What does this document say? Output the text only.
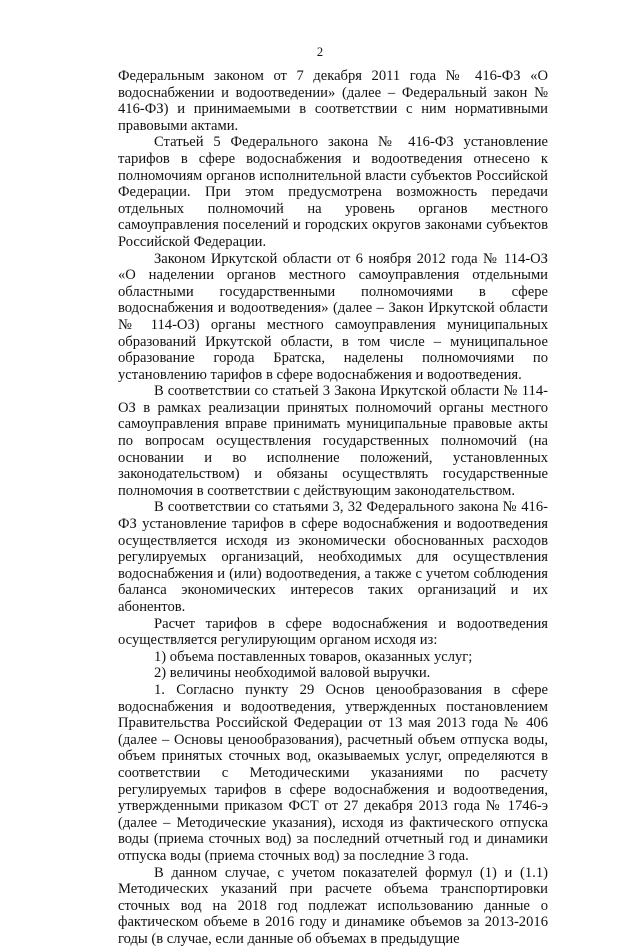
2

Федеральным законом от 7 декабря 2011 года № 416-ФЗ «О водоснабжении и водоотведении» (далее – Федеральный закон № 416-ФЗ) и принимаемыми в соответствии с ним нормативными правовыми актами.

Статьей 5 Федерального закона № 416-ФЗ установление тарифов в сфере водоснабжения и водоотведения отнесено к полномочиям органов исполнительной власти субъектов Российской Федерации. При этом предусмотрена возможность передачи отдельных полномочий на уровень органов местного самоуправления поселений и городских округов законами субъектов Российской Федерации.

Законом Иркутской области от 6 ноября 2012 года № 114-ОЗ «О наделении органов местного самоуправления отдельными областными государственными полномочиями в сфере водоснабжения и водоотведения» (далее – Закон Иркутской области № 114-ОЗ) органы местного самоуправления муниципальных образований Иркутской области, в том числе – муниципальное образование города Братска, наделены полномочиями по установлению тарифов в сфере водоснабжения и водоотведения.

В соответствии со статьей 3 Закона Иркутской области № 114-ОЗ в рамках реализации принятых полномочий органы местного самоуправления вправе принимать муниципальные правовые акты по вопросам осуществления государственных полномочий (на основании и во исполнение положений, установленных законодательством) и обязаны осуществлять государственные полномочия в соответствии с действующим законодательством.

В соответствии со статьями 3, 32 Федерального закона № 416-ФЗ установление тарифов в сфере водоснабжения и водоотведения осуществляется исходя из экономически обоснованных расходов регулируемых организаций, необходимых для осуществления водоснабжения и (или) водоотведения, а также с учетом соблюдения баланса экономических интересов таких организаций и их абонентов.

Расчет тарифов в сфере водоснабжения и водоотведения осуществляется регулирующим органом исходя из:

1) объема поставленных товаров, оказанных услуг;

2) величины необходимой валовой выручки.

1. Согласно пункту 29 Основ ценообразования в сфере водоснабжения и водоотведения, утвержденных постановлением Правительства Российской Федерации от 13 мая 2013 года № 406 (далее – Основы ценообразования), расчетный объем отпуска воды, объем принятых сточных вод, оказываемых услуг, определяются в соответствии с Методическими указаниями по расчету регулируемых тарифов в сфере водоснабжения и водоотведения, утвержденными приказом ФСТ от 27 декабря 2013 года № 1746-э (далее – Методические указания), исходя из фактического отпуска воды (приема сточных вод) за последний отчетный год и динамики отпуска воды (приема сточных вод) за последние 3 года.

В данном случае, с учетом показателей формул (1) и (1.1) Методических указаний при расчете объема транспортировки сточных вод на 2018 год подлежат использованию данные о фактическом объеме в 2016 году и динамике объемов за 2013-2016 годы (в случае, если данные об объемах в предыдущие
